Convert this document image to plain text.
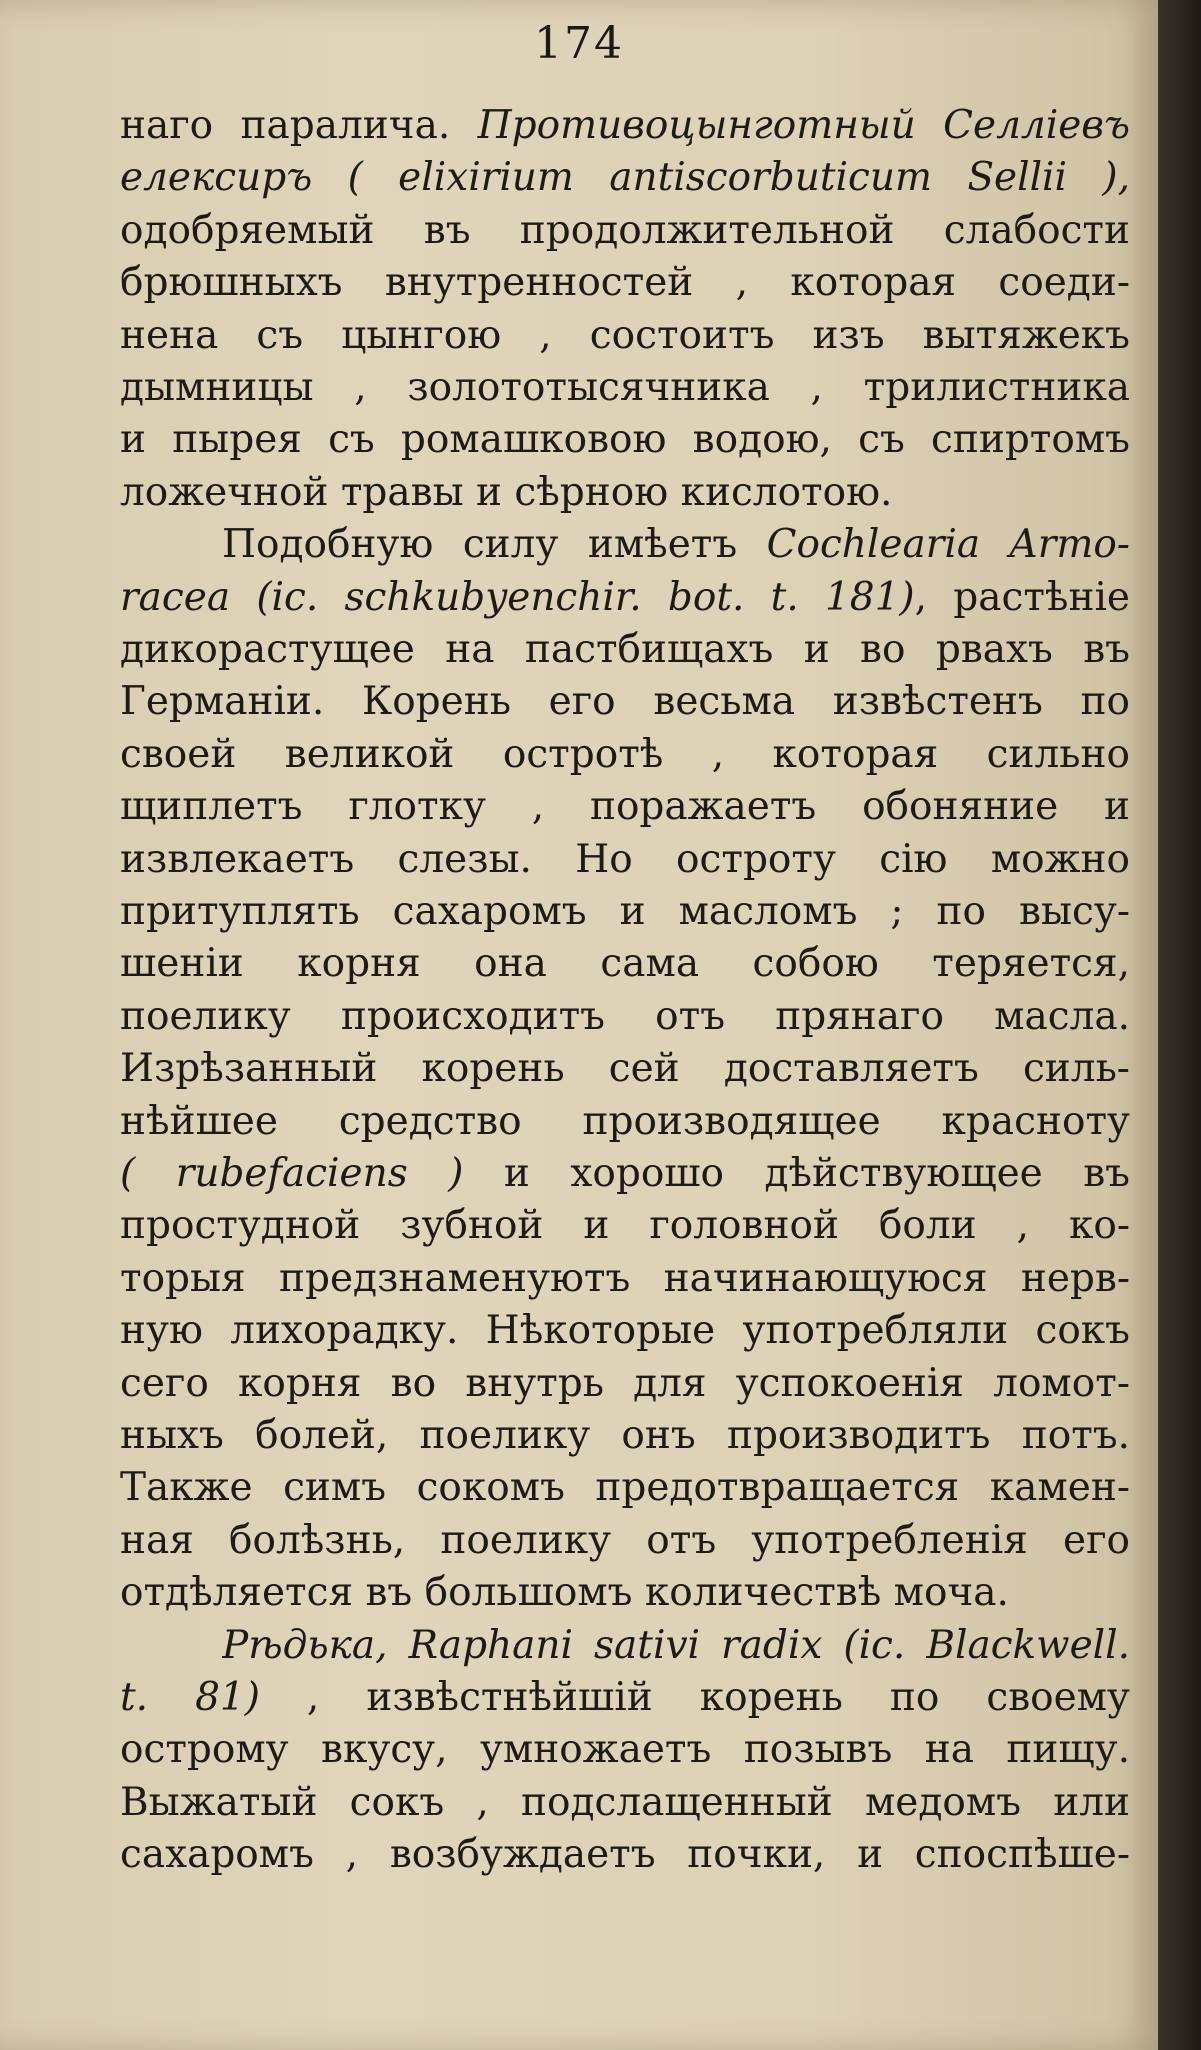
174
наго паралича. Противоцынготный Селлiевъ
елексиръ ( elixirium antiscorbuticum Sellii ),
одобряемый въ продолжительной слабости
брюшныхъ внутренностей , которая соеди-
нена съ цынгою , состоитъ изъ вытяжекъ
дымницы , золототысячника , трилистника
и пырея съ ромашковою водою, съ спиртомъ
ложечной травы и сѣрною кислотою.
Подобную силу имѣетъ Cochlearia Armo-
racea (ic. schkubyenchir. bot. t. 181), растѣнiе
дикорастущее на пастбищахъ и во рвахъ въ
Германiи. Корень его весьма извѣстенъ по
своей великой остротѣ , которая сильно
щиплетъ глотку , поражаетъ обоняние и
извлекаетъ слезы. Но остроту сiю можно
притуплять сахаромъ и масломъ ; по высу-
шенiи корня она сама собою теряется,
поелику происходитъ отъ прянаго масла.
Изрѣзанный корень сей доставляетъ силь-
нѣйшее средство производящее красноту
( rubefaciens ) и хорошо дѣйствующее въ
простудной зубной и головной боли , ко-
торыя предзнаменуютъ начинающуюся нерв-
ную лихорадку. Нѣкоторые употребляли сокъ
сего корня во внутрь для успокоенiя ломот-
ныхъ болей, поелику онъ производитъ потъ.
Также симъ сокомъ предотвращается камен-
ная болѣзнь, поелику отъ употребленiя его
отдѣляется въ большомъ количествѣ моча.
Рѣдька, Raphani sativi radix (ic. Blackwell.
t. 81) , извѣстнѣйшiй корень по своему
острому вкусу, умножаетъ позывъ на пищу.
Выжатый сокъ , подслащенный медомъ или
сахаромъ , возбуждаетъ почки, и споспѣше-
